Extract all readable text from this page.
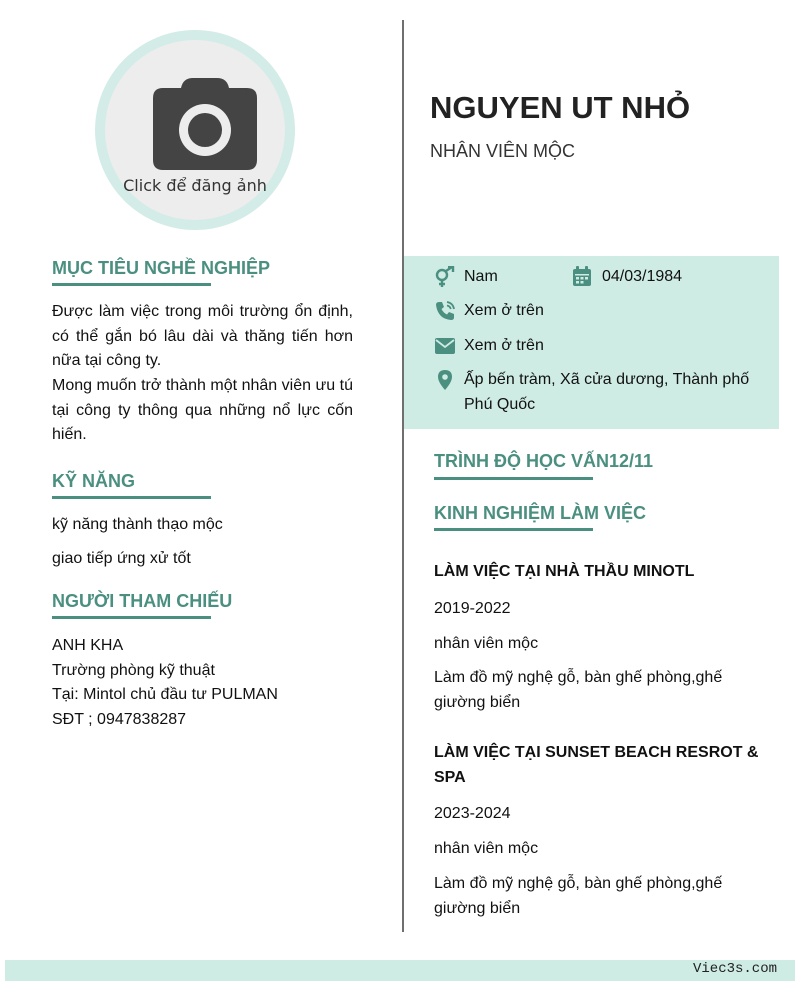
Click để đăng ảnh
MỤC TIÊU NGHỀ NGHIỆP

Được làm việc trong môi trường ổn định, có thể gắn bó lâu dài và thăng tiến hơn nữa tại công ty.

Mong muốn trở thành một nhân viên ưu tú tại công ty thông qua những nổ lực cốn hiến.

KỸ NĂNG

kỹ năng thành thạo mộc

giao tiếp ứng xử tốt

NGƯỜI THAM CHIẾU

ANH KHA

Trường phòng kỹ thuật

Tại: Mintol chủ đầu tư PULMAN

SĐT ; 0947838287

NGUYEN UT NHỎ

NHÂN VIÊN MỘC

Nam	04/03/1984

Xem ở trên

Xem ở trên

Ấp bến tràm, Xã cửa dương, Thành phố Phú Quốc

TRÌNH ĐỘ HỌC VẤN12/11
KINH NGHIỆM LÀM VIỆC

LÀM VIỆC TẠI NHÀ THẦU MINOTL

2019-2022

nhân viên mộc

Làm đồ mỹ nghệ gỗ, bàn ghế phòng,ghế giường biển

LÀM VIỆC TẠI SUNSET BEACH RESROT & SPA

2023-2024

nhân viên mộc

Làm đồ mỹ nghệ gỗ, bàn ghế phòng,ghế giường biển

Viec3s.com
